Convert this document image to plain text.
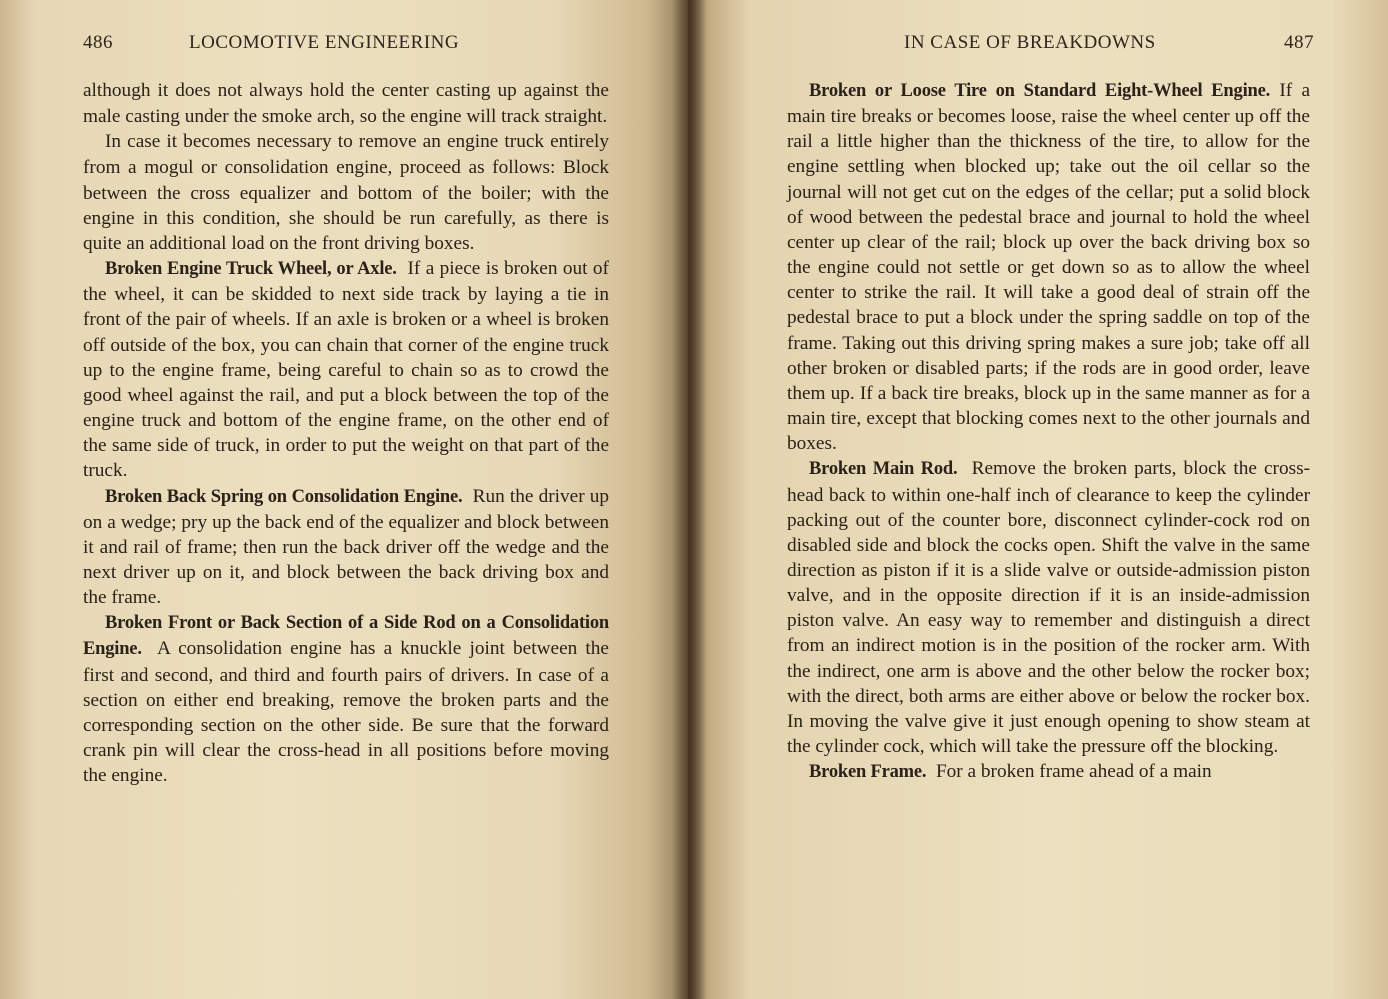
486	LOCOMOTIVE ENGINEERING

although it does not always hold the center casting up against the male casting under the smoke arch, so the engine will track straight.

In case it becomes necessary to remove an engine truck entirely from a mogul or consolidation engine, proceed as follows: Block between the cross equalizer and bottom of the boiler; with the engine in this condition, she should be run carefully, as there is quite an additional load on the front driving boxes.

Broken Engine Truck Wheel, or Axle. If a piece is broken out of the wheel, it can be skidded to next side track by laying a tie in front of the pair of wheels. If an axle is broken or a wheel is broken off outside of the box, you can chain that corner of the engine truck up to the engine frame, being careful to chain so as to crowd the good wheel against the rail, and put a block between the top of the engine truck and bottom of the engine frame, on the other end of the same side of truck, in order to put the weight on that part of the truck.

Broken Back Spring on Consolidation Engine. Run the driver up on a wedge; pry up the back end of the equalizer and block between it and rail of frame; then run the back driver off the wedge and the next driver up on it, and block between the back driving box and the frame.

Broken Front or Back Section of a Side Rod on a Consolidation Engine. A consolidation engine has a knuckle joint between the first and second, and third and fourth pairs of drivers. In case of a section on either end breaking, remove the broken parts and the corresponding section on the other side. Be sure that the forward crank pin will clear the cross-head in all positions before moving the engine.

IN CASE OF BREAKDOWNS	487

Broken or Loose Tire on Standard Eight-Wheel Engine. If a main tire breaks or becomes loose, raise the wheel center up off the rail a little higher than the thickness of the tire, to allow for the engine settling when blocked up; take out the oil cellar so the journal will not get cut on the edges of the cellar; put a solid block of wood between the pedestal brace and journal to hold the wheel center up clear of the rail; block up over the back driving box so the engine could not settle or get down so as to allow the wheel center to strike the rail. It will take a good deal of strain off the pedestal brace to put a block under the spring saddle on top of the frame. Taking out this driving spring makes a sure job; take off all other broken or disabled parts; if the rods are in good order, leave them up. If a back tire breaks, block up in the same manner as for a main tire, except that blocking comes next to the other journals and boxes.

Broken Main Rod. Remove the broken parts, block the cross-head back to within one-half inch of clearance to keep the cylinder packing out of the counter bore, disconnect cylinder-cock rod on disabled side and block the cocks open. Shift the valve in the same direction as piston if it is a slide valve or outside-admission piston valve, and in the opposite direction if it is an inside-admission piston valve. An easy way to remember and distinguish a direct from an indirect motion is in the position of the rocker arm. With the indirect, one arm is above and the other below the rocker box; with the direct, both arms are either above or below the rocker box. In moving the valve give it just enough opening to show steam at the cylinder cock, which will take the pressure off the blocking.

Broken Frame. For a broken frame ahead of a main
